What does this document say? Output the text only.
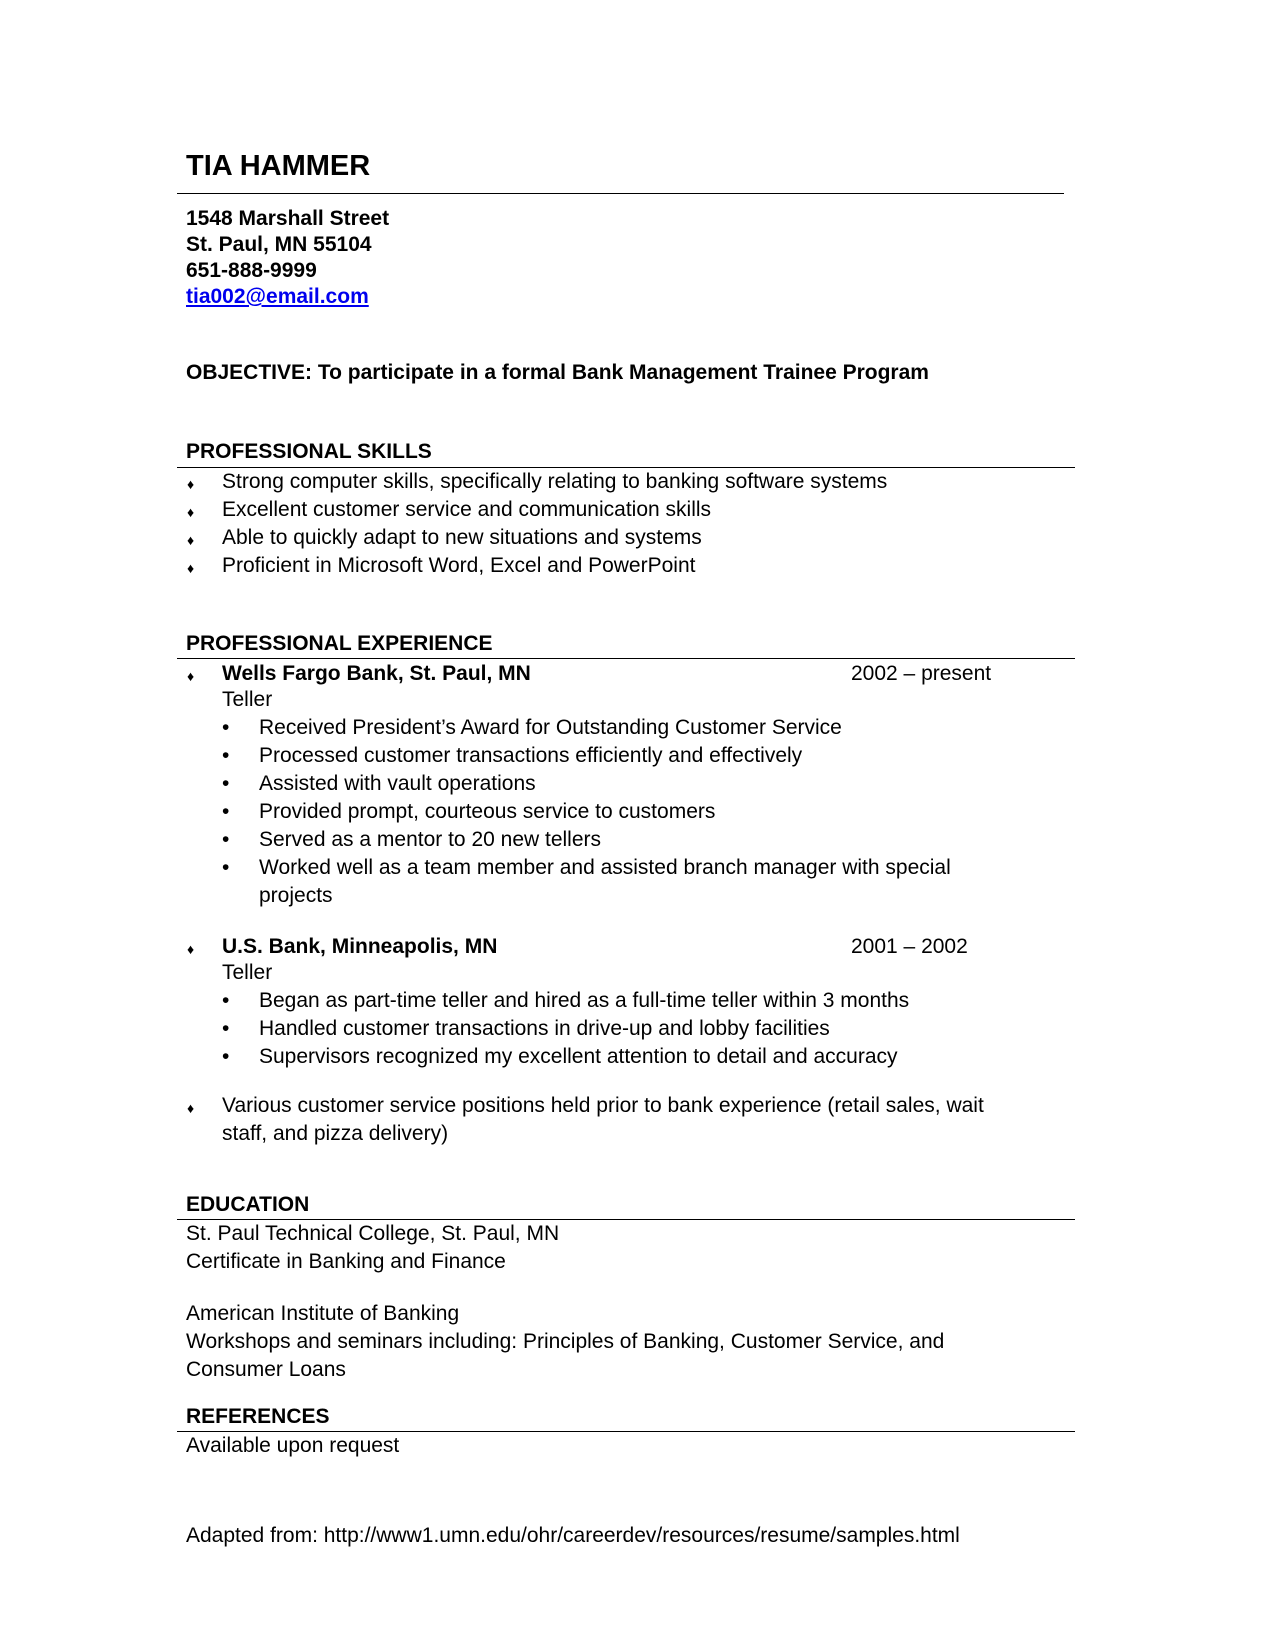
TIA HAMMER
1548 Marshall Street
St. Paul, MN 55104
651-888-9999
tia002@email.com
OBJECTIVE: To participate in a formal Bank Management Trainee Program
PROFESSIONAL SKILLS
♦ Strong computer skills, specifically relating to banking software systems
♦ Excellent customer service and communication skills
♦ Able to quickly adapt to new situations and systems
♦ Proficient in Microsoft Word, Excel and PowerPoint
PROFESSIONAL EXPERIENCE
♦ Wells Fargo Bank, St. Paul, MN	2002 – present
Teller
• Received President’s Award for Outstanding Customer Service
• Processed customer transactions efficiently and effectively
• Assisted with vault operations
• Provided prompt, courteous service to customers
• Served as a mentor to 20 new tellers
• Worked well as a team member and assisted branch manager with special
projects
♦ U.S. Bank, Minneapolis, MN	2001 – 2002
Teller
• Began as part-time teller and hired as a full-time teller within 3 months
• Handled customer transactions in drive-up and lobby facilities
• Supervisors recognized my excellent attention to detail and accuracy
♦	Various customer service positions held prior to bank experience (retail sales, wait
staff, and pizza delivery)
EDUCATION
St. Paul Technical College, St. Paul, MN
Certificate in Banking and Finance
American Institute of Banking
Workshops and seminars including: Principles of Banking, Customer Service, and
Consumer Loans
REFERENCES
Available upon request
Adapted from: http://www1.umn.edu/ohr/careerdev/resources/resume/samples.html
